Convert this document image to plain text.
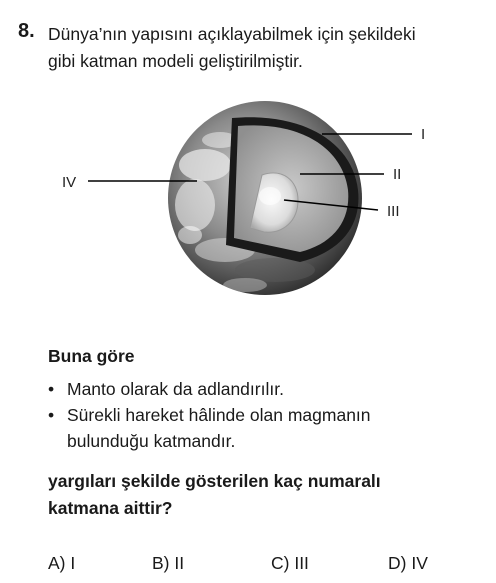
8. Dünya’nın yapısını açıklayabilmek için şekildeki
gibi katman modeli geliştirilmiştir.
I
II
III
IV
Buna göre
• Manto olarak da adlandırılır.
• Sürekli hareket hâlinde olan magmanın
bulunduğu katmandır.
yargıları şekilde gösterilen kaç numaralı
katmana aittir?
A) I	B) II	C) III	D) IV
